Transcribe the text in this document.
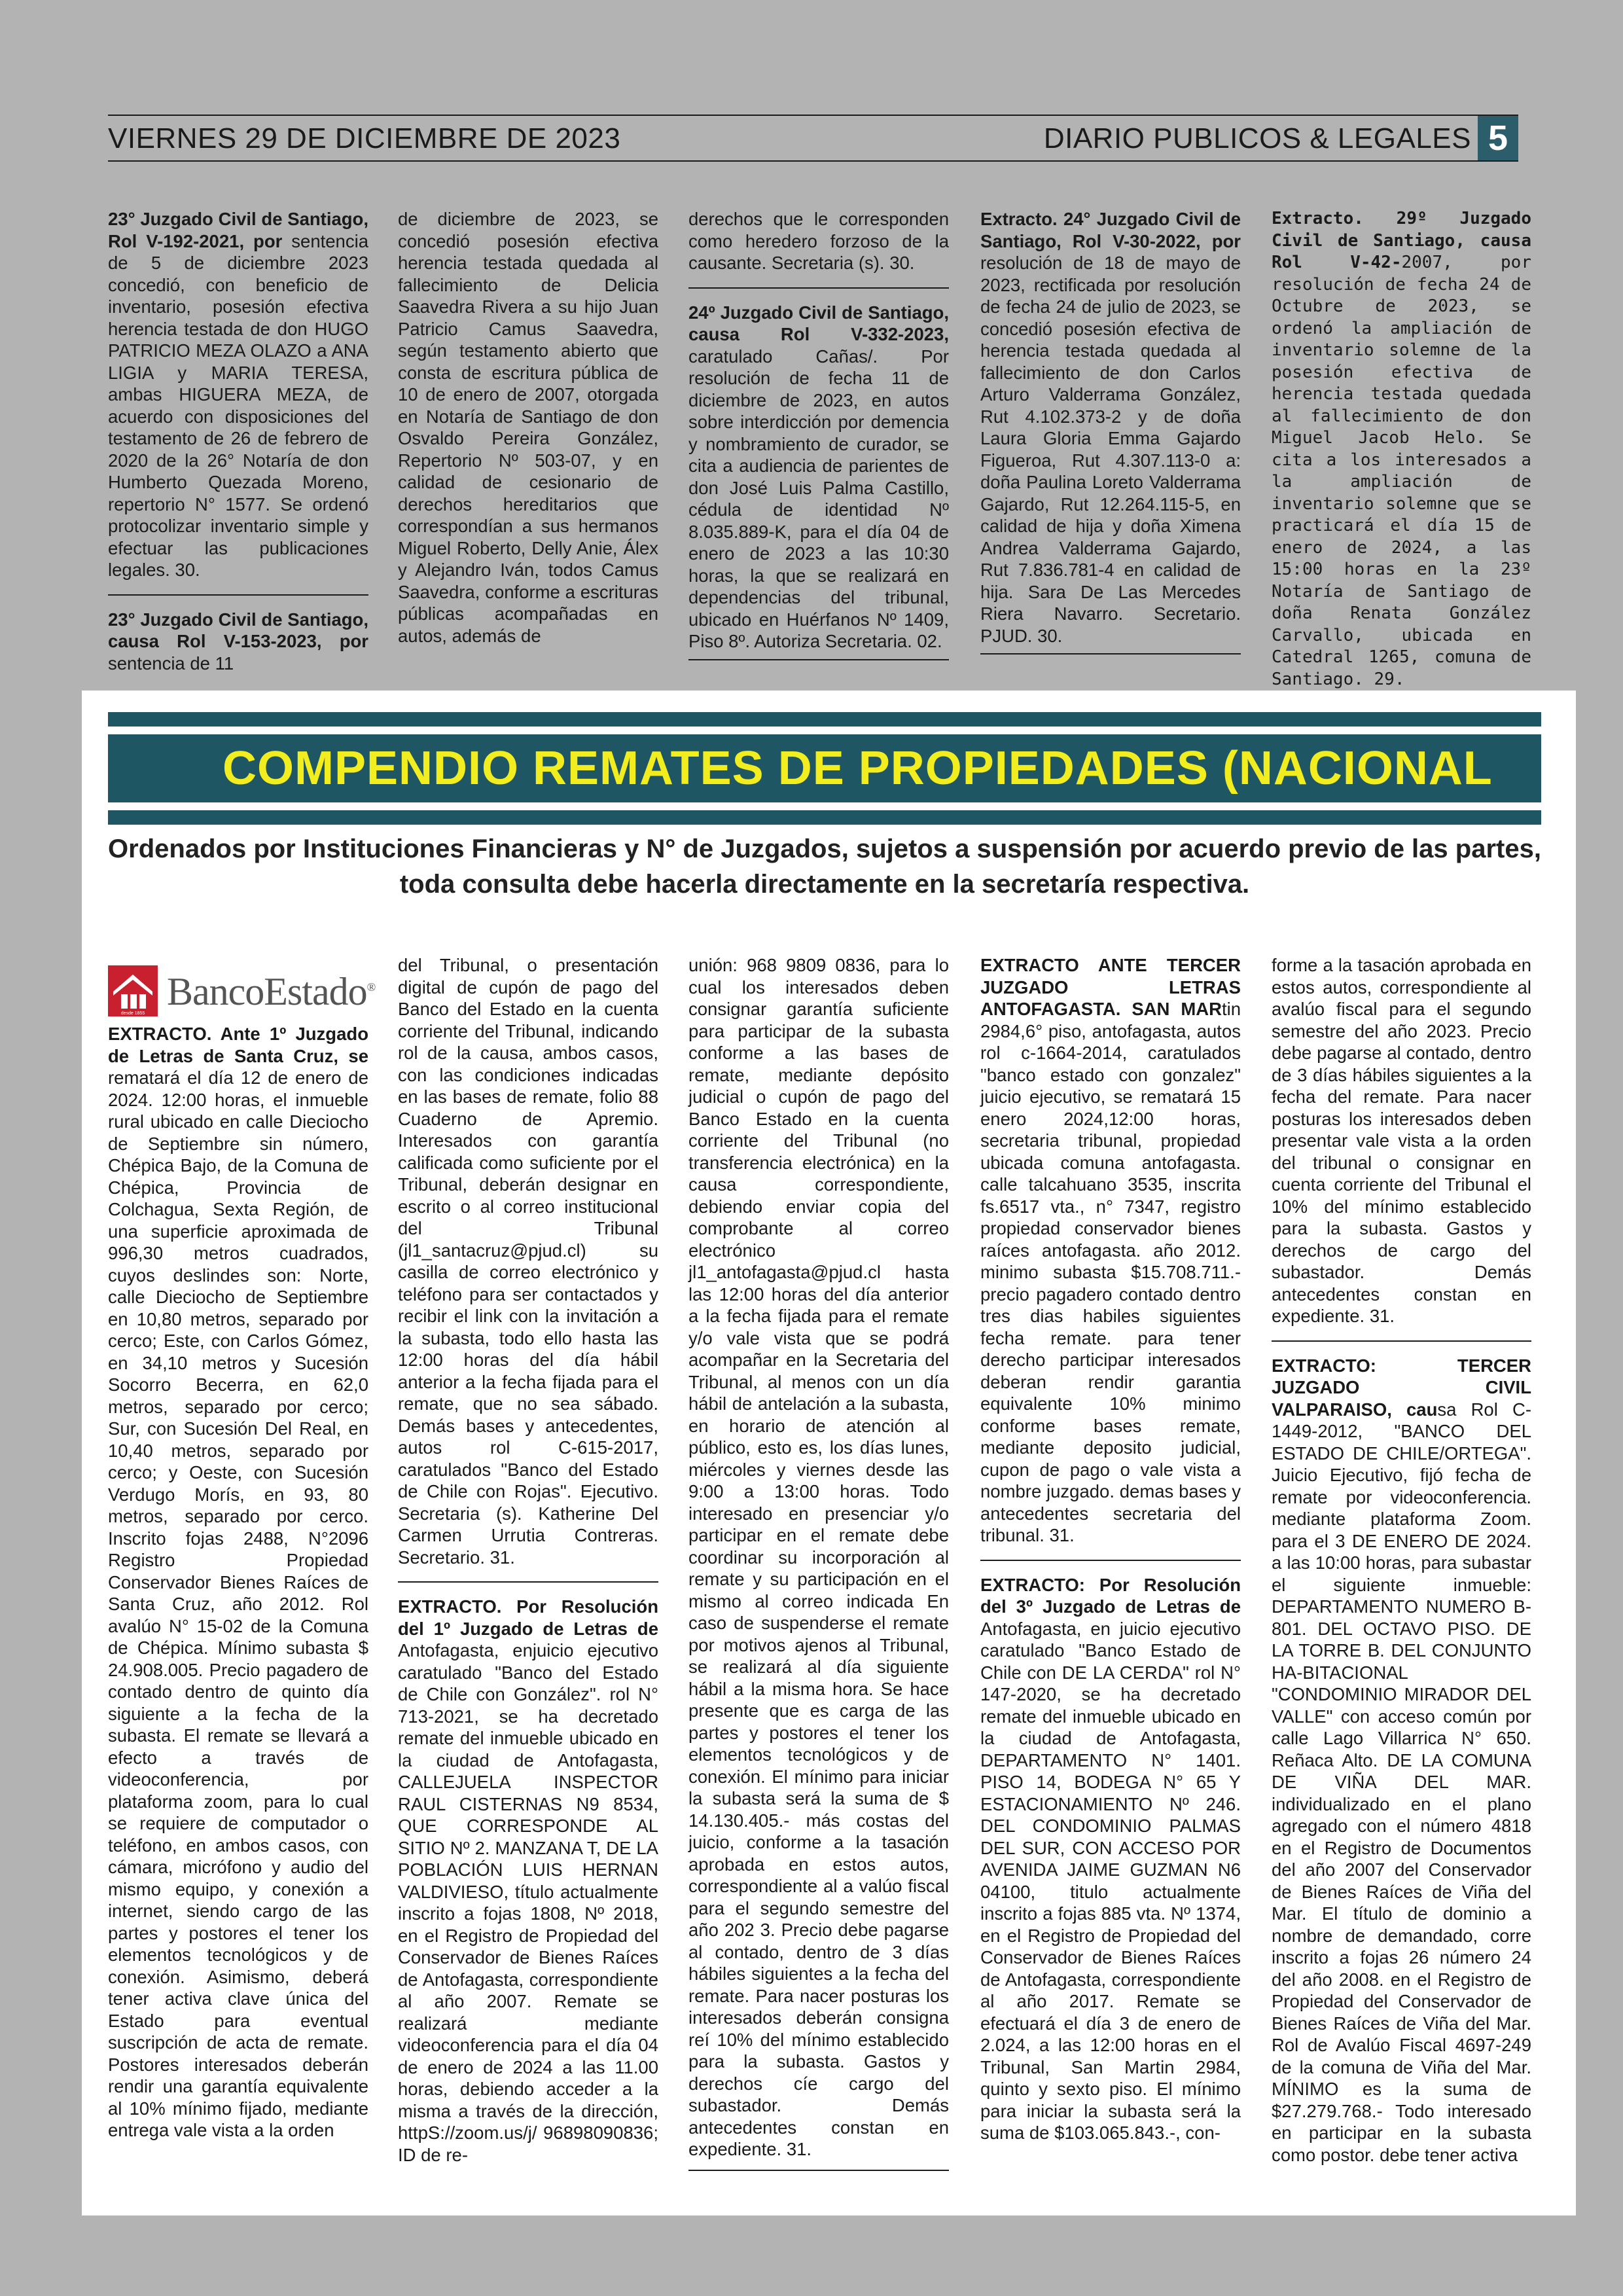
VIERNES 29 DE DICIEMBRE DE 2023	DIARIO PUBLICOS & LEGALES 5

23° Juzgado Civil de Santiago, Rol V-192-2021, por sentencia de 5 de diciembre 2023 concedió, con beneficio de inventario, posesión efectiva herencia testada de don HUGO PATRICIO MEZA OLAZO a ANA LIGIA y MARIA TERESA, ambas HIGUERA MEZA, de acuerdo con disposiciones del testamento de 26 de febrero de 2020 de la 26° Notaría de don Humberto Quezada Moreno, repertorio N° 1577. Se ordenó protocolizar inventario simple y efectuar las publicaciones legales. 30.

23° Juzgado Civil de Santiago, causa Rol V-153-2023, por sentencia de 11

de diciembre de 2023, se concedió posesión efectiva herencia testada quedada al fallecimiento de Delicia Saavedra Rivera a su hijo Juan Patricio Camus Saavedra, según testamento abierto que consta de escritura pública de 10 de enero de 2007, otorgada en Notaría de Santiago de don Osvaldo Pereira González, Repertorio Nº 503-07, y en calidad de cesionario de derechos hereditarios que correspondían a sus hermanos Miguel Roberto, Delly Anie, Álex y Alejandro Iván, todos Camus Saavedra, conforme a escrituras públicas acompañadas en autos, además de

derechos que le corresponden como heredero forzoso de la causante. Secretaria (s). 30.

24º Juzgado Civil de Santiago, causa Rol V-332-2023, caratulado Cañas/. Por resolución de fecha 11 de diciembre de 2023, en autos sobre interdicción por demencia y nombramiento de curador, se cita a audiencia de parientes de don José Luis Palma Castillo, cédula de identidad Nº 8.035.889-K, para el día 04 de enero de 2023 a las 10:30 horas, la que se realizará en dependencias del tribunal, ubicado en Huérfanos Nº 1409, Piso 8º. Autoriza Secretaria. 02.

Extracto. 24° Juzgado Civil de Santiago, Rol V-30-2022, por resolución de 18 de mayo de 2023, rectificada por resolución de fecha 24 de julio de 2023, se concedió posesión efectiva de herencia testada quedada al fallecimiento de don Carlos Arturo Valderrama González, Rut 4.102.373-2 y de doña Laura Gloria Emma Gajardo Figueroa, Rut 4.307.113-0 a: doña Paulina Loreto Valderrama Gajardo, Rut 12.264.115-5, en calidad de hija y doña Ximena Andrea Valderrama Gajardo, Rut 7.836.781-4 en calidad de hija. Sara De Las Mercedes Riera Navarro. Secretario. PJUD. 30.

Extracto. 29º Juzgado Civil de Santiago, causa Rol V-42-2007, por resolución de fecha 24 de Octubre de 2023, se ordenó la ampliación de inventario solemne de la posesión efectiva de herencia testada quedada al fallecimiento de don Miguel Jacob Helo. Se cita a los interesados a la ampliación de inventario solemne que se practicará el día 15 de enero de 2024, a las 15:00 horas en la 23º Notaría de Santiago de doña Renata González Carvallo, ubicada en Catedral 1265, comuna de Santiago. 29.

COMPENDIO REMATES DE PROPIEDADES (NACIONAL
Ordenados por Instituciones Financieras y N° de Juzgados, sujetos a suspensión por acuerdo previo de las partes, toda consulta debe hacerla directamente en la secretaría respectiva.

EXTRACTO. Ante 1º Juzgado de Letras de Santa Cruz, se rematará el día 12 de enero de 2024. 12:00 horas, el inmueble rural ubicado en calle Dieciocho de Septiembre sin número, Chépica Bajo, de la Comuna de Chépica, Provincia de Colchagua, Sexta Región, de una superficie aproximada de 996,30 metros cuadrados, cuyos deslindes son: Norte, calle Dieciocho de Septiembre en 10,80 metros, separado por cerco; Este, con Carlos Gómez, en 34,10 metros y Sucesión Socorro Becerra, en 62,0 metros, separado por cerco; Sur, con Sucesión Del Real, en 10,40 metros, separado por cerco; y Oeste, con Sucesión Verdugo Morís, en 93, 80 metros, separado por cerco. Inscrito fojas 2488, N°2096 Registro Propiedad Conservador Bienes Raíces de Santa Cruz, año 2012. Rol avalúo N° 15-02 de la Comuna de Chépica. Mínimo subasta $ 24.908.005. Precio pagadero de contado dentro de quinto día siguiente a la fecha de la subasta. El remate se llevará a efecto a través de videoconferencia, por plataforma zoom, para lo cual se requiere de computador o teléfono, en ambos casos, con cámara, micrófono y audio del mismo equipo, y conexión a internet, siendo cargo de las partes y postores el tener los elementos tecnológicos y de conexión. Asimismo, deberá tener activa clave única del Estado para eventual suscripción de acta de remate. Postores interesados deberán rendir una garantía equivalente al 10% mínimo fijado, mediante entrega vale vista a la orden

del Tribunal, o presentación digital de cupón de pago del Banco del Estado en la cuenta corriente del Tribunal, indicando rol de la causa, ambos casos, con las condiciones indicadas en las bases de remate, folio 88 Cuaderno de Apremio. Interesados con garantía calificada como suficiente por el Tribunal, deberán designar en escrito o al correo institucional del Tribunal (jl1_santacruz@pjud.cl) su casilla de correo electrónico y teléfono para ser contactados y recibir el link con la invitación a la subasta, todo ello hasta las 12:00 horas del día hábil anterior a la fecha fijada para el remate, que no sea sábado. Demás bases y antecedentes, autos rol C-615-2017, caratulados "Banco del Estado de Chile con Rojas". Ejecutivo. Secretaria (s). Katherine Del Carmen Urrutia Contreras. Secretario. 31.

EXTRACTO. Por Resolución del 1º Juzgado de Letras de Antofagasta, enjuicio ejecutivo caratulado "Banco del Estado de Chile con González". rol N° 713-2021, se ha decretado remate del inmueble ubicado en la ciudad de Antofagasta, CALLEJUELA INSPECTOR RAUL CISTERNAS N9 8534, QUE CORRESPONDE AL SITIO Nº 2. MANZANA T, DE LA POBLACIÓN LUIS HERNAN VALDIVIESO, título actualmente inscrito a fojas 1808, Nº 2018, en el Registro de Propiedad del Conservador de Bienes Raíces de Antofagasta, correspondiente al año 2007. Remate se realizará mediante videoconferencia para el día 04 de enero de 2024 a las 11.00 horas, debiendo acceder a la misma a través de la dirección, httpS://zoom.us/j/ 96898090836; ID de re-

unión: 968 9809 0836, para lo cual los interesados deben consignar garantía suficiente para participar de la subasta conforme a las bases de remate, mediante depósito judicial o cupón de pago del Banco Estado en la cuenta corriente del Tribunal (no transferencia electrónica) en la causa correspondiente, debiendo enviar copia del comprobante al correo electrónico jl1_antofagasta@pjud.cl hasta las 12:00 horas del día anterior a la fecha fijada para el remate y/o vale vista que se podrá acompañar en la Secretaria del Tribunal, al menos con un día hábil de antelación a la subasta, en horario de atención al público, esto es, los días lunes, miércoles y viernes desde las 9:00 a 13:00 horas. Todo interesado en presenciar y/o participar en el remate debe coordinar su incorporación al remate y su participación en el mismo al correo indicada En caso de suspenderse el remate por motivos ajenos al Tribunal, se realizará al día siguiente hábil a la misma hora. Se hace presente que es carga de las partes y postores el tener los elementos tecnológicos y de conexión. El mínimo para iniciar la subasta será la suma de $ 14.130.405.- más costas del juicio, conforme a la tasación aprobada en estos autos, correspondiente al a valúo fiscal para el segundo semestre del año 202 3. Precio debe pagarse al contado, dentro de 3 días hábiles siguientes a la fecha del remate. Para nacer posturas los interesados deberán consigna reí 10% del mínimo establecido para la subasta. Gastos y derechos cíe cargo del subastador. Demás antecedentes constan en expediente. 31.

EXTRACTO ANTE TERCER JUZGADO LETRAS ANTOFAGASTA. SAN MARtin 2984,6° piso, antofagasta, autos rol c-1664-2014, caratulados "banco estado con gonzalez" juicio ejecutivo, se rematará 15 enero 2024,12:00 horas, secretaria tribunal, propiedad ubicada comuna antofagasta. calle talcahuano 3535, inscrita fs.6517 vta., n° 7347, registro propiedad conservador bienes raíces antofagasta. año 2012. minimo subasta $15.708.711.- precio pagadero contado dentro tres dias habiles siguientes fecha remate. para tener derecho participar interesados deberan rendir garantia equivalente 10% minimo conforme bases remate, mediante deposito judicial, cupon de pago o vale vista a nombre juzgado. demas bases y antecedentes secretaria del tribunal. 31.

EXTRACTO: Por Resolución del 3º Juzgado de Letras de Antofagasta, en juicio ejecutivo caratulado "Banco Estado de Chile con DE LA CERDA" rol N° 147-2020, se ha decretado remate del inmueble ubicado en la ciudad de Antofagasta, DEPARTAMENTO N° 1401. PISO 14, BODEGA N° 65 Y ESTACIONAMIENTO Nº 246. DEL CONDOMINIO PALMAS DEL SUR, CON ACCESO POR AVENIDA JAIME GUZMAN N6 04100, titulo actualmente inscrito a fojas 885 vta. Nº 1374, en el Registro de Propiedad del Conservador de Bienes Raíces de Antofagasta, correspondiente al año 2017. Remate se efectuará el día 3 de enero de 2.024, a las 12:00 horas en el Tribunal, San Martin 2984, quinto y sexto piso. El mínimo para iniciar la subasta será la suma de $103.065.843.-, con-

forme a la tasación aprobada en estos autos, correspondiente al avalúo fiscal para el segundo semestre del año 2023. Precio debe pagarse al contado, dentro de 3 días hábiles siguientes a la fecha del remate. Para nacer posturas los interesados deben presentar vale vista a la orden del tribunal o consignar en cuenta corriente del Tribunal el 10% del mínimo establecido para la subasta. Gastos y derechos de cargo del subastador. Demás antecedentes constan en expediente. 31.

EXTRACTO: TERCER JUZGADO CIVIL VALPARAISO, causa Rol C-1449-2012, "BANCO DEL ESTADO DE CHILE/ORTEGA". Juicio Ejecutivo, fijó fecha de remate por videoconferencia. mediante plataforma Zoom. para el 3 DE ENERO DE 2024. a las 10:00 horas, para subastar el siguiente inmueble: DEPARTAMENTO NUMERO B-801. DEL OCTAVO PISO. DE LA TORRE B. DEL CONJUNTO HA-BITACIONAL "CONDOMINIO MIRADOR DEL VALLE" con acceso común por calle Lago Villarrica N° 650. Reñaca Alto. DE LA COMUNA DE VIÑA DEL MAR. individualizado en el plano agregado con el número 4818 en el Registro de Documentos del año 2007 del Conservador de Bienes Raíces de Viña del Mar. El título de dominio a nombre de demandado, corre inscrito a fojas 26 número 24 del año 2008. en el Registro de Propiedad del Conservador de Bienes Raíces de Viña del Mar. Rol de Avalúo Fiscal 4697-249 de la comuna de Viña del Mar. MÍNIMO es la suma de $27.279.768.- Todo interesado en participar en la subasta como postor. debe tener activa

desde 1855
BancoEstado®
